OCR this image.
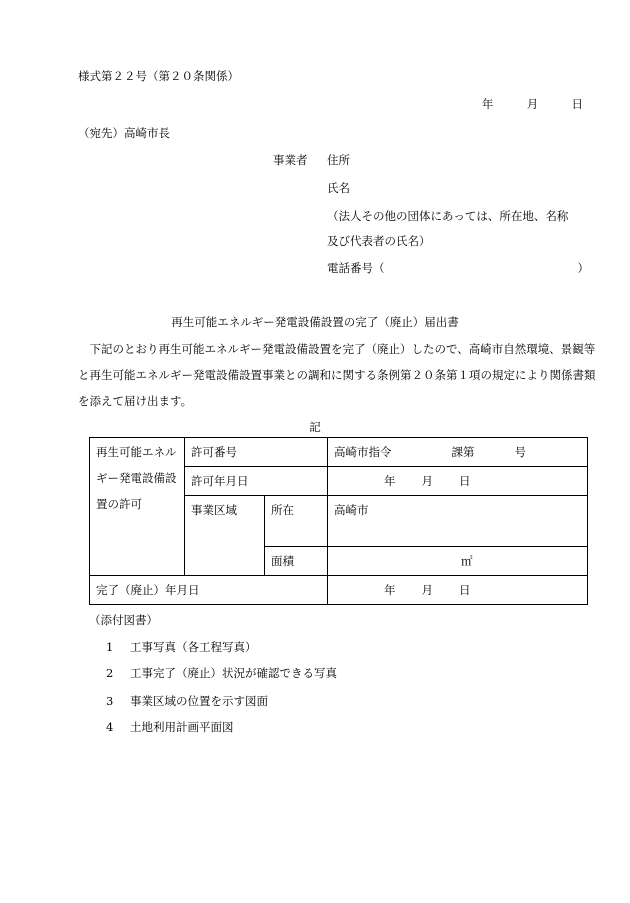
様式第２２号（第２０条関係）
年	月	日
（宛先）高崎市長
事業者 住所
氏名
（法人その他の団体にあっては、所在地、名称
及び代表者の氏名）
電話番号（	）
再生可能エネルギー発電設備設置の完了（廃止）届出書
下記のとおり再生可能エネルギー発電設備設置を完了（廃止）したので、高崎市自然環境、景観等と再生可能エネルギー発電設備設置事業との調和に関する条例第２０条第１項の規定により関係書類を添えて届け出ます。
記
再生可能エネルギー発電設備設置の許可	許可番号		高崎市指令 課第 号
	許可年月日		年 月 日
	事業区域	所在	高崎市
		面積	㎡
完了（廃止）年月日			年 月 日
（添付図書）
1 工事写真（各工程写真）
2 工事完了（廃止）状況が確認できる写真
3 事業区域の位置を示す図面
4 土地利用計画平面図
